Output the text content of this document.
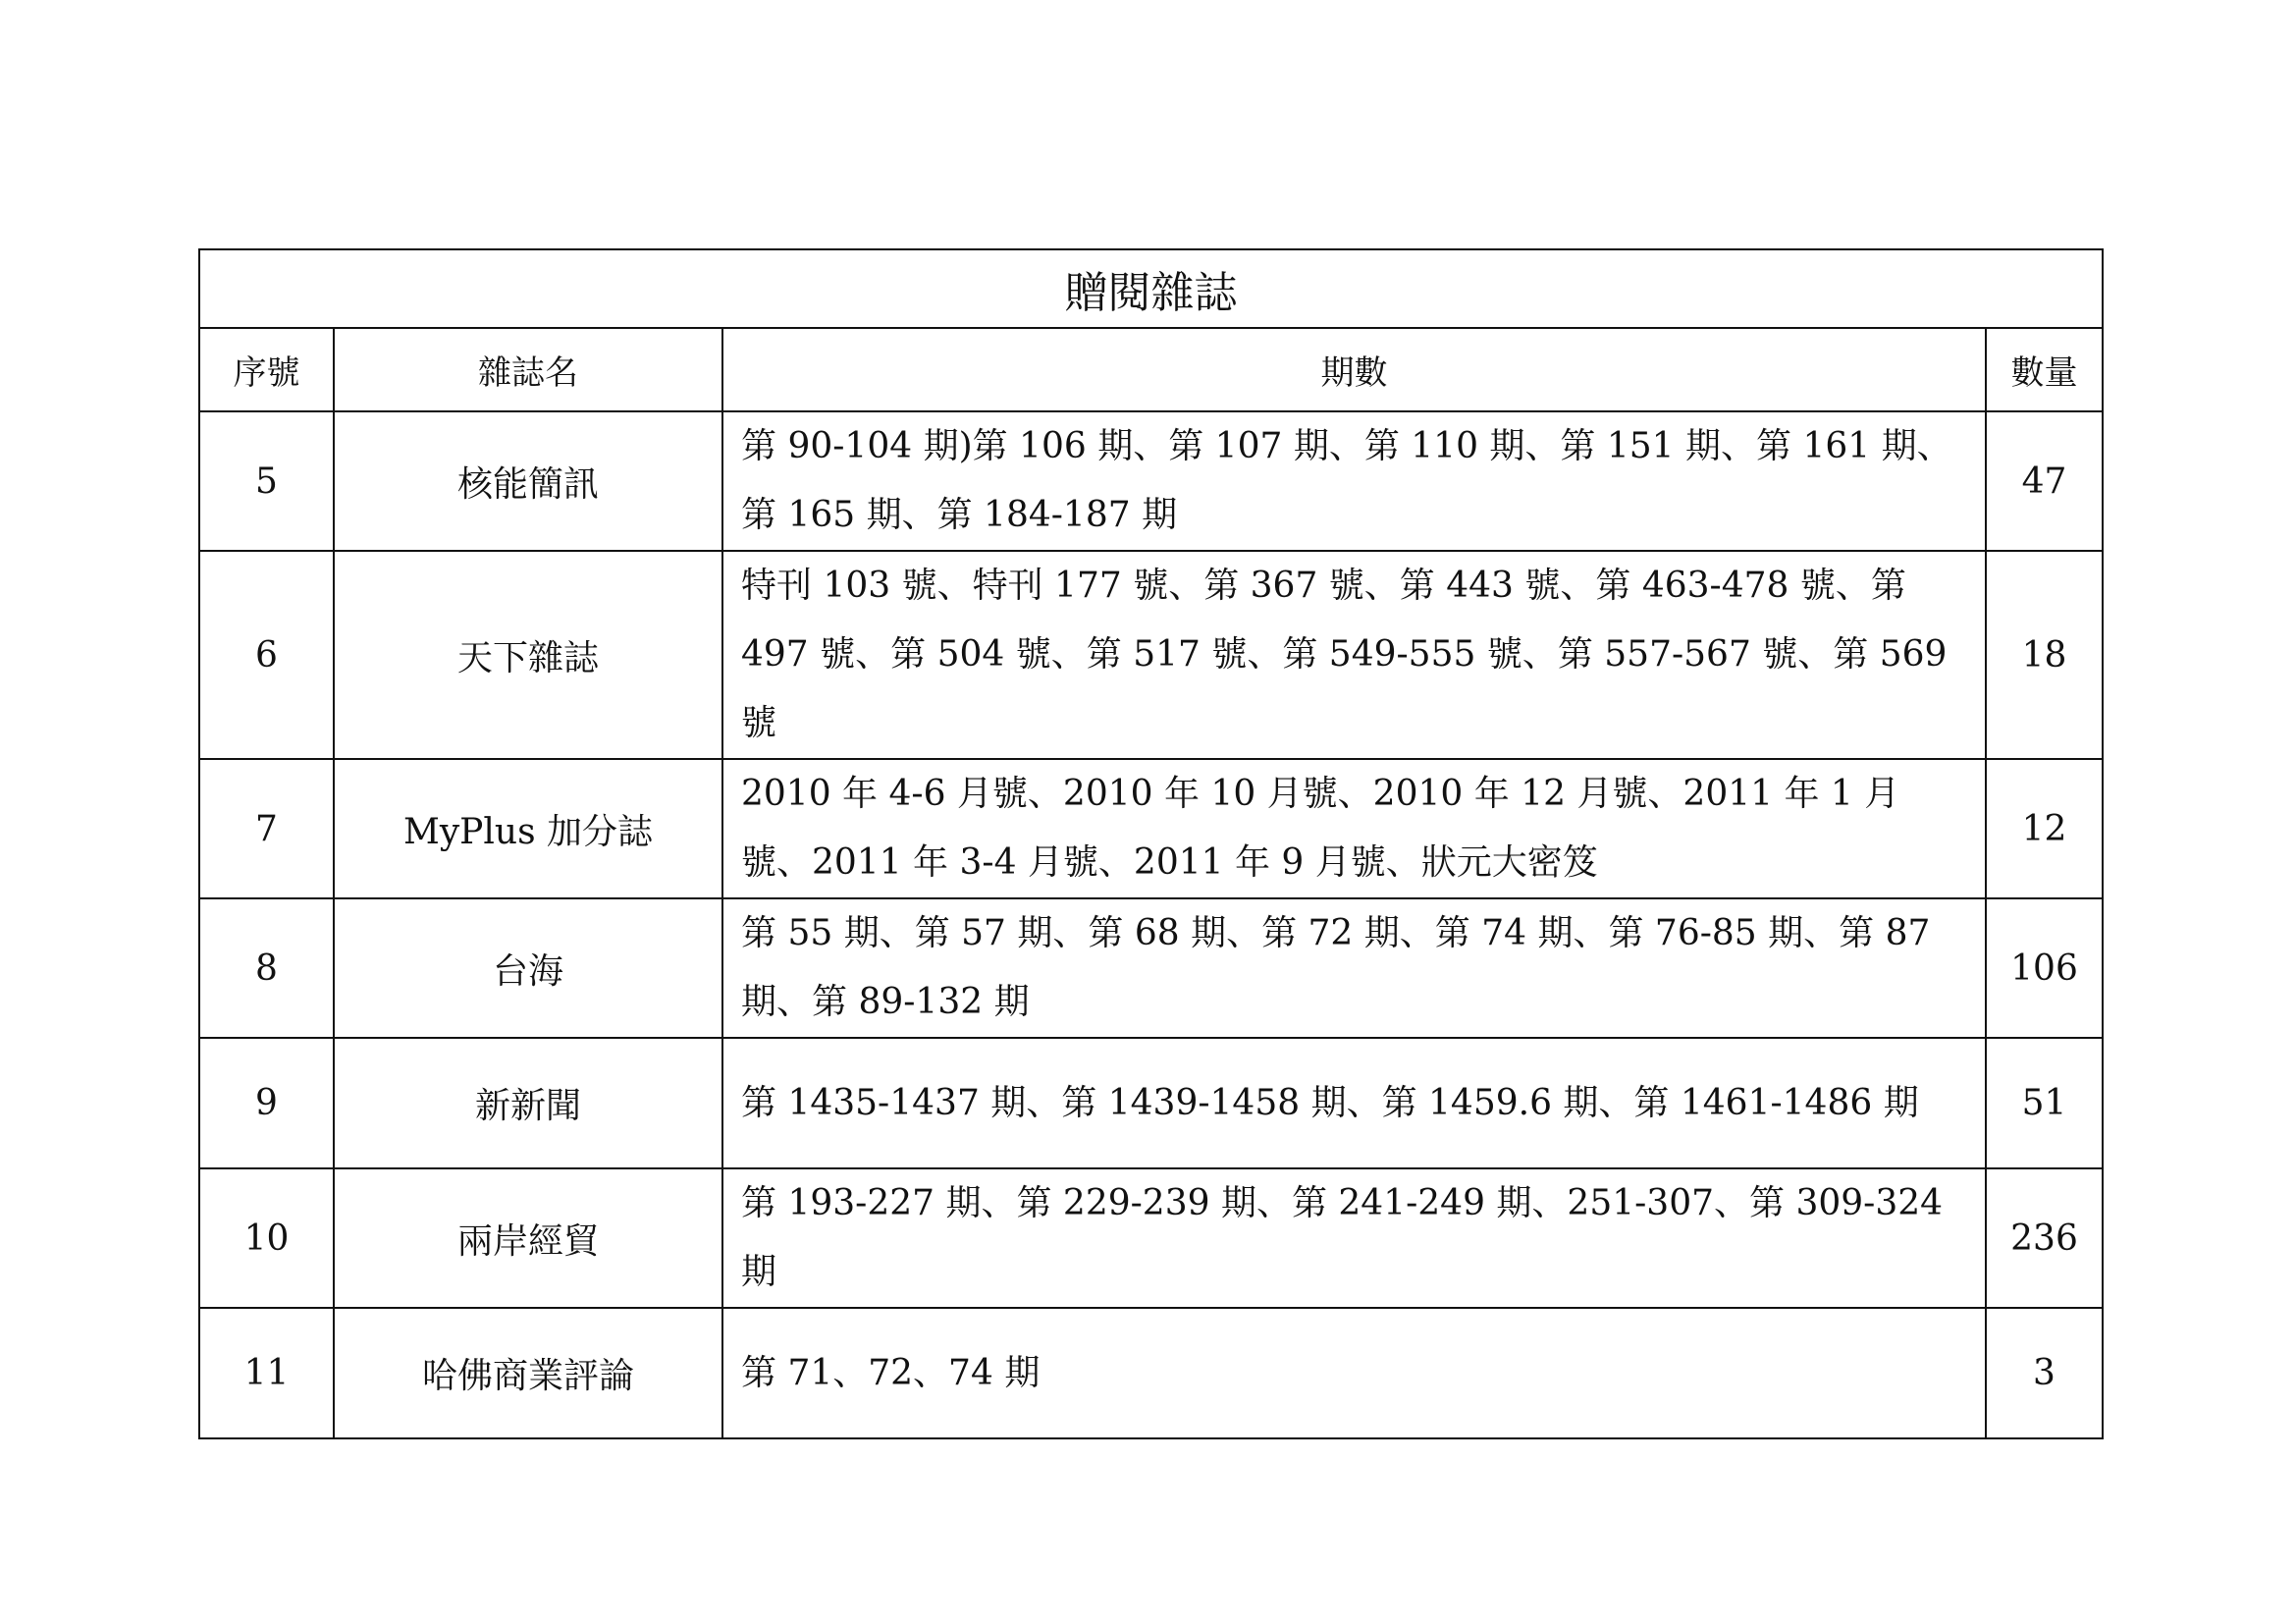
贈閱雜誌			
序號	雜誌名	期數	數量
5	核能簡訊	第 90-104 期)第 106 期、第 107 期、第 110 期、第 151 期、第 161 期、第 165 期、第 184-187 期	47
6	天下雜誌	特刊 103 號、特刊 177 號、第 367 號、第 443 號、第 463-478 號、第 497 號、第 504 號、第 517 號、第 549-555 號、第 557-567 號、第 569 號	18
7	MyPlus 加分誌	2010 年 4-6 月號、2010 年 10 月號、2010 年 12 月號、2011 年 1 月號、2011 年 3-4 月號、2011 年 9 月號、狀元大密笈	12
8	台海	第 55 期、第 57 期、第 68 期、第 72 期、第 74 期、第 76-85 期、第 87 期、第 89-132 期	106
9	新新聞	第 1435-1437 期、第 1439-1458 期、第 1459.6 期、第 1461-1486 期	51
10	兩岸經貿	第 193-227 期、第 229-239 期、第 241-249 期、251-307、第 309-324 期	236
11	哈佛商業評論	第 71、72、74 期	3
